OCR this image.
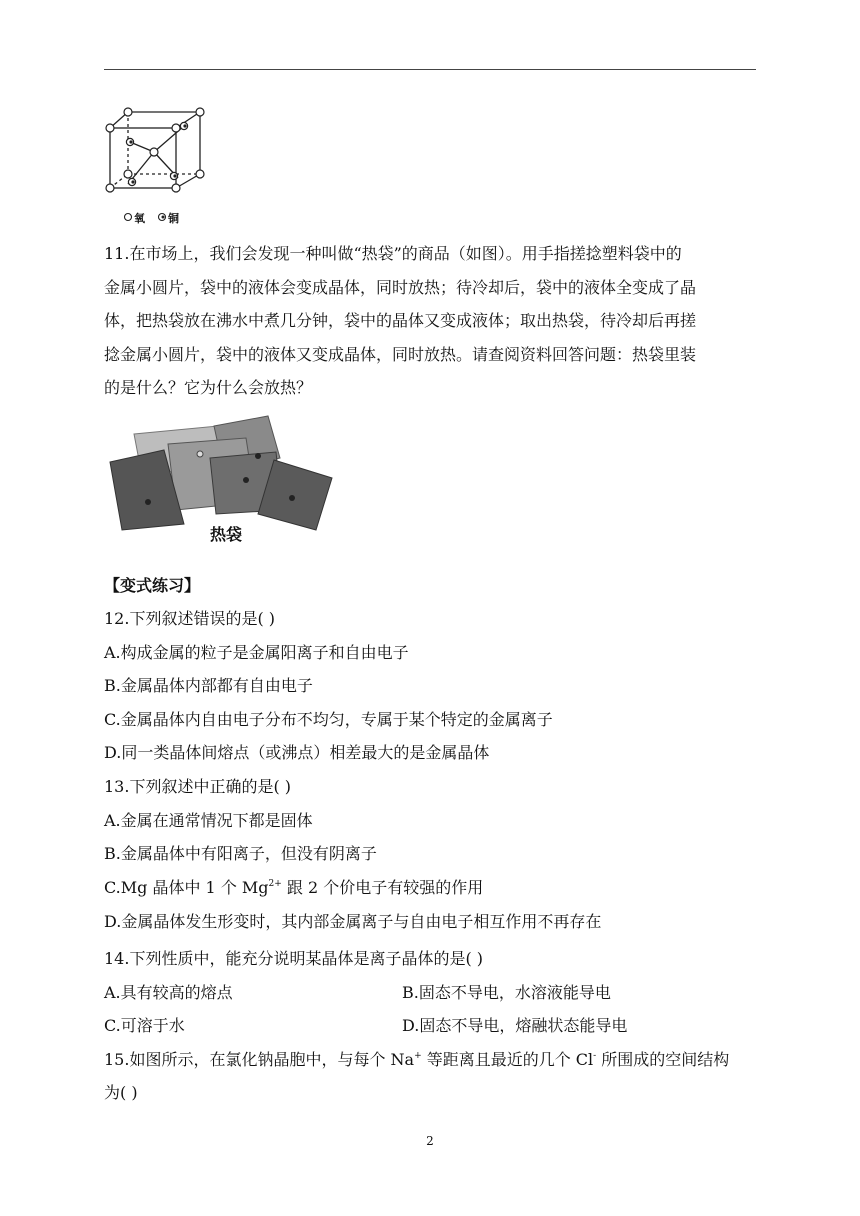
氧 铜
11.在市场上，我们会发现一种叫做“热袋”的商品（如图）。用手指搓捻塑料袋中的
金属小圆片，袋中的液体会变成晶体，同时放热；待冷却后，袋中的液体全变成了晶
体，把热袋放在沸水中煮几分钟，袋中的晶体又变成液体；取出热袋，待冷却后再搓
捻金属小圆片，袋中的液体又变成晶体，同时放热。请查阅资料回答问题：热袋里装
的是什么？它为什么会放热？
热袋
【变式练习】
12.下列叙述错误的是( )
A.构成金属的粒子是金属阳离子和自由电子
B.金属晶体内部都有自由电子
C.金属晶体内自由电子分布不均匀，专属于某个特定的金属离子
D.同一类晶体间熔点（或沸点）相差最大的是金属晶体
13.下列叙述中正确的是( )
A.金属在通常情况下都是固体
B.金属晶体中有阳离子，但没有阴离子
C.Mg 晶体中 1 个 $Mg^{2+}$ 跟 2 个价电子有较强的作用
D.金属晶体发生形变时，其内部金属离子与自由电子相互作用不再存在
14.下列性质中，能充分说明某晶体是离子晶体的是( )
A.具有较高的熔点	B.固态不导电，水溶液能导电
C.可溶于水	D.固态不导电，熔融状态能导电
15.如图所示，在氯化钠晶胞中，与每个 Na+ 等距离且最近的几个 Cl- 所围成的空间结构
为( )
2
